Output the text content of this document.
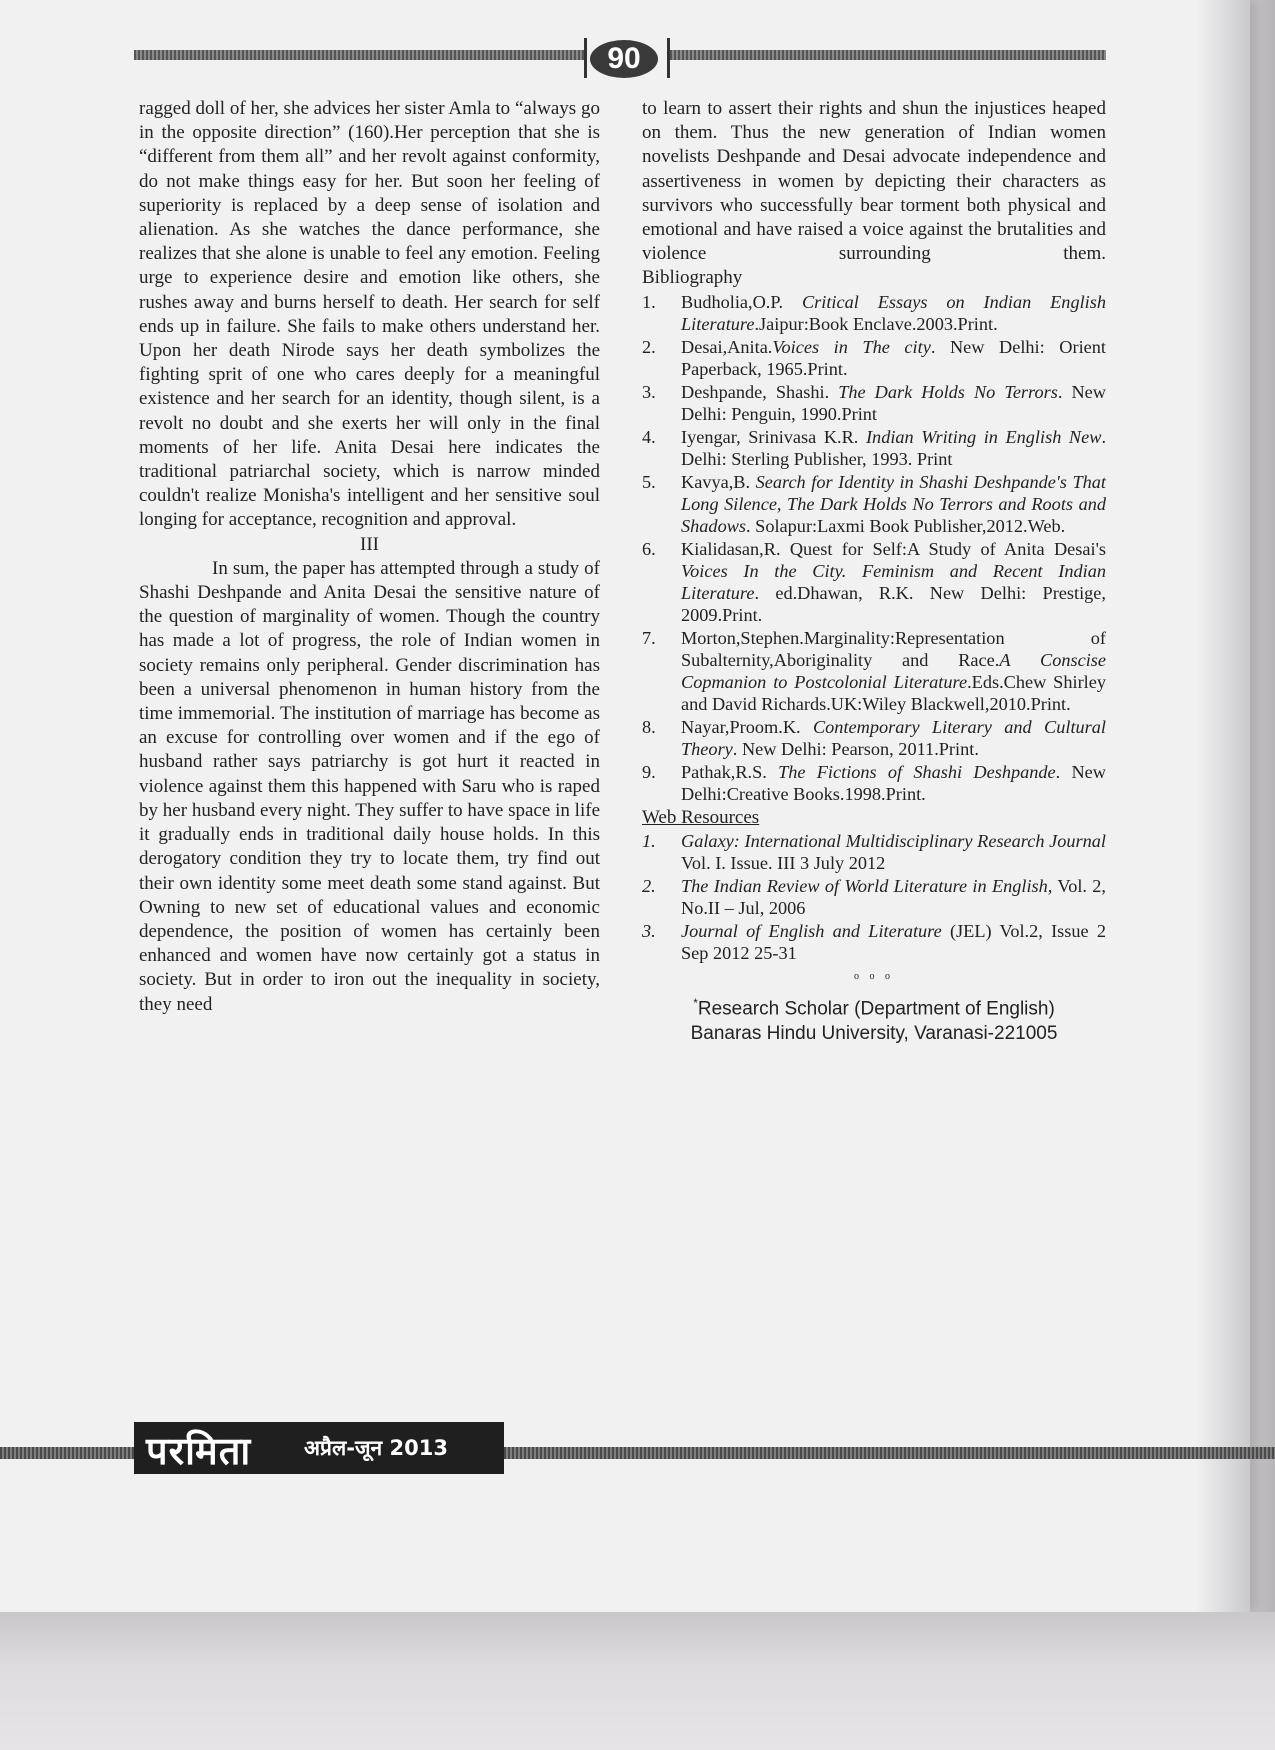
90

ragged doll of her, she advices her sister Amla to “always go in the opposite direction” (160).Her perception that she is “different from them all” and her revolt against conformity, do not make things easy for her. But soon her feeling of superiority is replaced by a deep sense of isolation and alienation. As she watches the dance performance, she realizes that she alone is unable to feel any emotion. Feeling urge to experience desire and emotion like others, she rushes away and burns herself to death. Her search for self ends up in failure. She fails to make others understand her. Upon her death Nirode says her death symbolizes the fighting sprit of one who cares deeply for a meaningful existence and her search for an identity, though silent, is a revolt no doubt and she exerts her will only in the final moments of her life. Anita Desai here indicates the traditional patriarchal society, which is narrow minded couldn't realize Monisha's intelligent and her sensitive soul longing for acceptance, recognition and approval.

III

In sum, the paper has attempted through a study of Shashi Deshpande and Anita Desai the sensitive nature of the question of marginality of women. Though the country has made a lot of progress, the role of Indian women in society remains only peripheral. Gender discrimination has been a universal phenomenon in human history from the time immemorial. The institution of marriage has become as an excuse for controlling over women and if the ego of husband rather says patriarchy is got hurt it reacted in violence against them this happened with Saru who is raped by her husband every night. They suffer to have space in life it gradually ends in traditional daily house holds. In this derogatory condition they try to locate them, try find out their own identity some meet death some stand against. But Owning to new set of educational values and economic dependence, the position of women has certainly been enhanced and women have now certainly got a status in society. But in order to iron out the inequality in society, they need

to learn to assert their rights and shun the injustices heaped on them. Thus the new generation of Indian women novelists Deshpande and Desai advocate independence and assertiveness in women by depicting their characters as survivors who successfully bear torment both physical and emotional and have raised a voice against the brutalities and violence surrounding them.

Bibliography

1. Budholia,O.P. Critical Essays on Indian English Literature.Jaipur:Book Enclave.2003.Print.
2. Desai,Anita.Voices in The city. New Delhi: Orient Paperback, 1965.Print.
3. Deshpande, Shashi. The Dark Holds No Terrors. New Delhi: Penguin, 1990.Print
4. Iyengar, Srinivasa K.R. Indian Writing in English New. Delhi: Sterling Publisher, 1993. Print
5. Kavya,B. Search for Identity in Shashi Deshpande's That Long Silence, The Dark Holds No Terrors and Roots and Shadows. Solapur:Laxmi Book Publisher,2012.Web.
6. Kialidasan,R. Quest for Self:A Study of Anita Desai's Voices In the City. Feminism and Recent Indian Literature. ed.Dhawan, R.K. New Delhi: Prestige, 2009.Print.
7. Morton,Stephen.Marginality:Representation of Subalternity,Aboriginality and Race.A Conscise Copmanion to Postcolonial Literature.Eds.Chew Shirley and David Richards.UK:Wiley Blackwell,2010.Print.
8. Nayar,Proom.K. Contemporary Literary and Cultural Theory. New Delhi: Pearson, 2011.Print.
9. Pathak,R.S. The Fictions of Shashi Deshpande. New Delhi:Creative Books.1998.Print.

Web Resources

1. Galaxy: International Multidisciplinary Research Journal Vol. I. Issue. III 3 July 2012
2. The Indian Review of World Literature in English, Vol. 2, No.II – Jul, 2006
3. Journal of English and Literature (JEL) Vol.2, Issue 2 Sep 2012 25-31
o o o

*Research Scholar (Department of English)

Banaras Hindu University, Varanasi-221005

परमिता	अप्रैल-जून 2013
